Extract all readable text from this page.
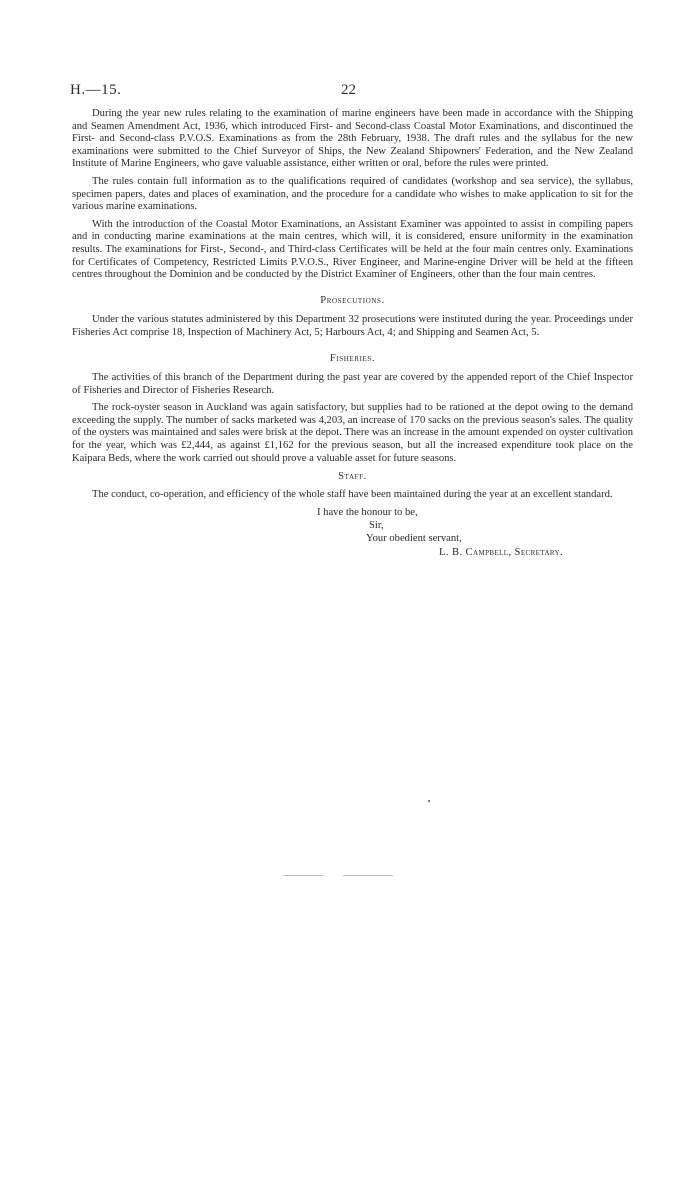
H.—15.	22

During the year new rules relating to the examination of marine engineers have been made in accordance with the Shipping and Seamen Amendment Act, 1936, which introduced First- and Second-class Coastal Motor Examinations, and discontinued the First- and Second-class P.V.O.S. Examinations as from the 28th February, 1938. The draft rules and the syllabus for the new examinations were submitted to the Chief Surveyor of Ships, the New Zealand Shipowners' Federation, and the New Zealand Institute of Marine Engineers, who gave valuable assistance, either written or oral, before the rules were printed.

The rules contain full information as to the qualifications required of candidates (workshop and sea service), the syllabus, specimen papers, dates and places of examination, and the procedure for a candidate who wishes to make application to sit for the various marine examinations.

With the introduction of the Coastal Motor Examinations, an Assistant Examiner was appointed to assist in compiling papers and in conducting marine examinations at the main centres, which will, it is considered, ensure uniformity in the examination results. The examinations for First-, Second-, and Third-class Certificates will be held at the four main centres only. Examinations for Certificates of Competency, Restricted Limits P.V.O.S., River Engineer, and Marine-engine Driver will be held at the fifteen centres throughout the Dominion and be conducted by the District Examiner of Engineers, other than the four main centres.

Prosecutions.

Under the various statutes administered by this Department 32 prosecutions were instituted during the year. Proceedings under Fisheries Act comprise 18, Inspection of Machinery Act, 5; Harbours Act, 4; and Shipping and Seamen Act, 5.

Fisheries.

The activities of this branch of the Department during the past year are covered by the appended report of the Chief Inspector of Fisheries and Director of Fisheries Research.

The rock-oyster season in Auckland was again satisfactory, but supplies had to be rationed at the depot owing to the demand exceeding the supply. The number of sacks marketed was 4,203, an increase of 170 sacks on the previous season's sales. The quality of the oysters was maintained and sales were brisk at the depot. There was an increase in the amount expended on oyster cultivation for the year, which was £2,444, as against £1,162 for the previous season, but all the increased expenditure took place on the Kaipara Beds, where the work carried out should prove a valuable asset for future seasons.

Staff.

The conduct, co-operation, and efficiency of the whole staff have been maintained during the year at an excellent standard.

I have the honour to be,
Sir,
Your obedient servant,
L. B. Campbell, Secretary.
